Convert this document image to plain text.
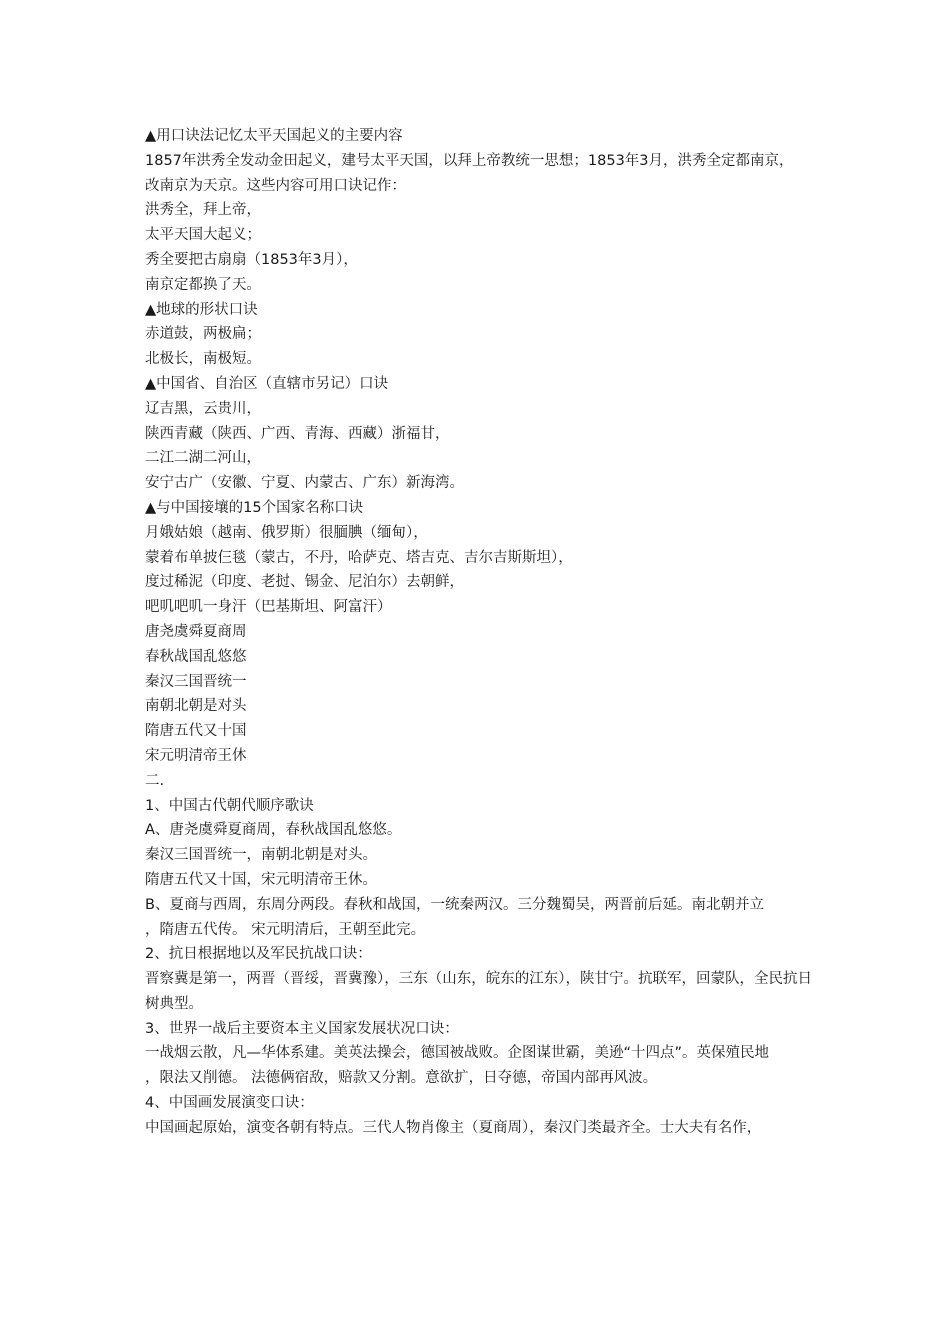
▲用口诀法记忆太平天国起义的主要内容
1857年洪秀全发动金田起义，建号太平天国，以拜上帝教统一思想；1853年3月，洪秀全定都南京，
改南京为天京。这些内容可用口诀记作：
洪秀全，拜上帝，
太平天国大起义；
秀全要把古扇扇（1853年3月），
南京定都换了天。
▲地球的形状口诀
赤道鼓，两极扁；
北极长，南极短。
▲中国省、自治区（直辖市另记）口诀
辽吉黑，云贵川，
陕西青藏（陕西、广西、青海、西藏）浙福甘，
二江二湖二河山，
安宁古广（安徽、宁夏、内蒙古、广东）新海湾。
▲与中国接壤的15个国家名称口诀
月娥姑娘（越南、俄罗斯）很腼腆（缅甸），
蒙着布单披仨毯（蒙古，不丹，哈萨克、塔吉克、吉尔吉斯斯坦），
度过稀泥（印度、老挝、锡金、尼泊尔）去朝鲜，
吧叽吧叽一身汗（巴基斯坦、阿富汗）
唐尧虞舜夏商周
春秋战国乱悠悠
秦汉三国晋统一
南朝北朝是对头
隋唐五代又十国
宋元明清帝王休
二.
1、中国古代朝代顺序歌诀
A、唐尧虞舜夏商周，春秋战国乱悠悠。
秦汉三国晋统一，南朝北朝是对头。
隋唐五代又十国，宋元明清帝王休。
B、夏商与西周，东周分两段。春秋和战国，一统秦两汉。三分魏蜀吴，两晋前后延。南北朝并立
，隋唐五代传。 宋元明清后，王朝至此完。
2、抗日根据地以及军民抗战口诀：
晋察冀是第一，两晋（晋绥，晋冀豫），三东（山东，皖东的江东），陕甘宁。抗联军，回蒙队，全民抗日树典型。
3、世界一战后主要资本主义国家发展状况口诀：
一战烟云散，凡—华体系建。美英法操会，德国被战败。企图谋世霸，美逊“十四点”。英保殖民地
，限法又削德。 法德俩宿敌，赔款又分割。意欲扩，日夺德，帝国内部再风波。
4、中国画发展演变口诀：
中国画起原始，演变各朝有特点。三代人物肖像主（夏商周），秦汉门类最齐全。士大夫有名作，
